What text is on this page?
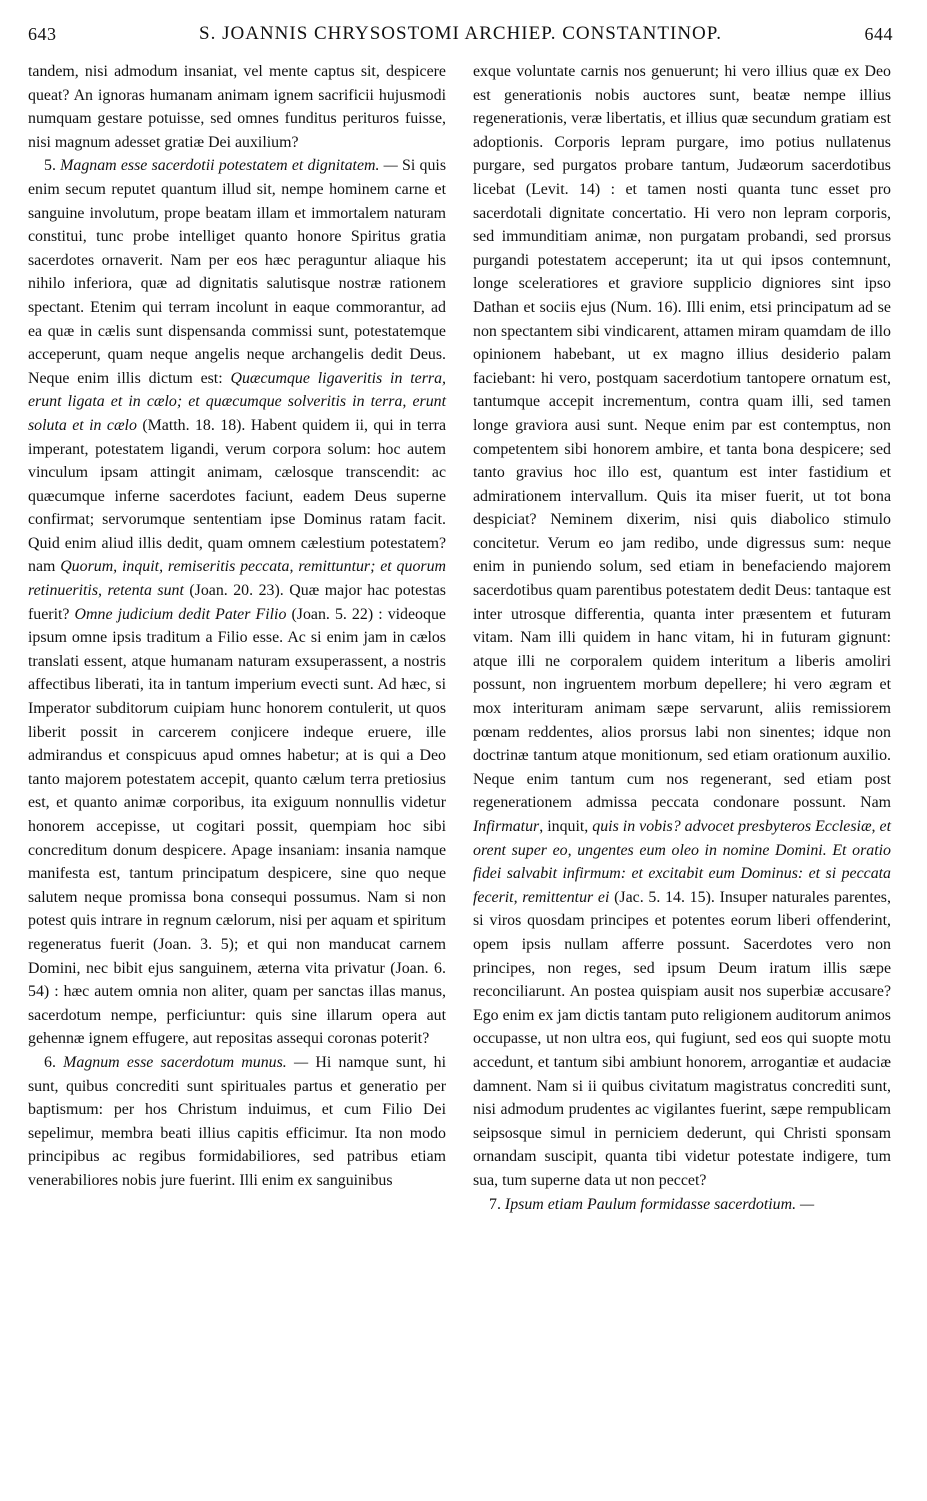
643	S. JOANNIS CHRYSOSTOMI ARCHIEP. CONSTANTINOP.	644

tandem, nisi admodum insaniat, vel mente captus sit, despicere queat? An ignoras humanam animam ignem sacrificii hujusmodi numquam gestare potuisse, sed omnes funditus perituros fuisse, nisi magnum adesset gratiæ Dei auxilium?

5. Magnam esse sacerdotii potestatem et dignitatem. — Si quis enim secum reputet quantum illud sit, nempe hominem carne et sanguine involutum, prope beatam illam et immortalem naturam constitui, tunc probe intelliget quanto honore Spiritus gratia sacerdotes ornaverit. Nam per eos hæc peraguntur aliaque his nihilo inferiora, quæ ad dignitatis salutisque nostræ rationem spectant. Etenim qui terram incolunt in eaque commorantur, ad ea quæ in cælis sunt dispensanda commissi sunt, potestatemque acceperunt, quam neque angelis neque archangelis dedit Deus. Neque enim illis dictum est: Quæcumque ligaveritis in terra, erunt ligata et in cælo; et quæcumque solveritis in terra, erunt soluta et in cælo (Matth. 18. 18). Habent quidem ii, qui in terra imperant, potestatem ligandi, verum corpora solum: hoc autem vinculum ipsam attingit animam, cælosque transcendit: ac quæcumque inferne sacerdotes faciunt, eadem Deus superne confirmat; servorumque sententiam ipse Dominus ratam facit. Quid enim aliud illis dedit, quam omnem cælestium potestatem? nam Quorum, inquit, remiseritis peccata, remittuntur; et quorum retinueritis, retenta sunt (Joan. 20. 23). Quæ major hac potestas fuerit? Omne judicium dedit Pater Filio (Joan. 5. 22) : videoque ipsum omne ipsis traditum a Filio esse. Ac si enim jam in cælos translati essent, atque humanam naturam exsuperassent, a nostris affectibus liberati, ita in tantum imperium evecti sunt. Ad hæc, si Imperator subditorum cuipiam hunc honorem contulerit, ut quos liberit possit in carcerem conjicere indeque eruere, ille admirandus et conspicuus apud omnes habetur; at is qui a Deo tanto majorem potestatem accepit, quanto cælum terra pretiosius est, et quanto animæ corporibus, ita exiguum nonnullis videtur honorem accepisse, ut cogitari possit, quempiam hoc sibi concreditum donum despicere. Apage insaniam: insania namque manifesta est, tantum principatum despicere, sine quo neque salutem neque promissa bona consequi possumus. Nam si non potest quis intrare in regnum cælorum, nisi per aquam et spiritum regeneratus fuerit (Joan. 3. 5); et qui non manducat carnem Domini, nec bibit ejus sanguinem, æterna vita privatur (Joan. 6. 54) : hæc autem omnia non aliter, quam per sanctas illas manus, sacerdotum nempe, perficiuntur: quis sine illarum opera aut gehennæ ignem effugere, aut repositas assequi coronas poterit?

6. Magnum esse sacerdotum munus. — Hi namque sunt, hi sunt, quibus concrediti sunt spirituales partus et generatio per baptismum: per hos Christum induimus, et cum Filio Dei sepelimur, membra beati illius capitis efficimur. Ita non modo principibus ac regibus formidabiliores, sed patribus etiam venerabiliores nobis jure fuerint. Illi enim ex sanguinibus

exque voluntate carnis nos genuerunt; hi vero illius quæ ex Deo est generationis nobis auctores sunt, beatæ nempe illius regenerationis, veræ libertatis, et illius quæ secundum gratiam est adoptionis. Corporis lepram purgare, imo potius nullatenus purgare, sed purgatos probare tantum, Judæorum sacerdotibus licebat (Levit. 14) : et tamen nosti quanta tunc esset pro sacerdotali dignitate concertatio. Hi vero non lepram corporis, sed immunditiam animæ, non purgatam probandi, sed prorsus purgandi potestatem acceperunt; ita ut qui ipsos contemnunt, longe sceleratiores et graviore supplicio digniores sint ipso Dathan et sociis ejus (Num. 16). Illi enim, etsi principatum ad se non spectantem sibi vindicarent, attamen miram quamdam de illo opinionem habebant, ut ex magno illius desiderio palam faciebant: hi vero, postquam sacerdotium tantopere ornatum est, tantumque accepit incrementum, contra quam illi, sed tamen longe graviora ausi sunt. Neque enim par est contemptus, non competentem sibi honorem ambire, et tanta bona despicere; sed tanto gravius hoc illo est, quantum est inter fastidium et admirationem intervallum. Quis ita miser fuerit, ut tot bona despiciat? Neminem dixerim, nisi quis diabolico stimulo concitetur. Verum eo jam redibo, unde digressus sum: neque enim in puniendo solum, sed etiam in benefaciendo majorem sacerdotibus quam parentibus potestatem dedit Deus: tantaque est inter utrosque differentia, quanta inter præsentem et futuram vitam. Nam illi quidem in hanc vitam, hi in futuram gignunt: atque illi ne corporalem quidem interitum a liberis amoliri possunt, non ingruentem morbum depellere; hi vero ægram et mox interituram animam sæpe servarunt, aliis remissiorem pœnam reddentes, alios prorsus labi non sinentes; idque non doctrinæ tantum atque monitionum, sed etiam orationum auxilio. Neque enim tantum cum nos regenerant, sed etiam post regenerationem admissa peccata condonare possunt. Nam Infirmatur, inquit, quis in vobis? advocet presbyteros Ecclesiæ, et orent super eo, ungentes eum oleo in nomine Domini. Et oratio fidei salvabit infirmum: et excitabit eum Dominus: et si peccata fecerit, remittentur ei (Jac. 5. 14. 15). Insuper naturales parentes, si viros quosdam principes et potentes eorum liberi offenderint, opem ipsis nullam afferre possunt. Sacerdotes vero non principes, non reges, sed ipsum Deum iratum illis sæpe reconciliarunt. An postea quispiam ausit nos superbiæ accusare? Ego enim ex jam dictis tantam puto religionem auditorum animos occupasse, ut non ultra eos, qui fugiunt, sed eos qui suopte motu accedunt, et tantum sibi ambiunt honorem, arrogantiæ et audaciæ damnent. Nam si ii quibus civitatum magistratus concrediti sunt, nisi admodum prudentes ac vigilantes fuerint, sæpe rempublicam seipsosque simul in perniciem dederunt, qui Christi sponsam ornandam suscipit, quanta tibi videtur potestate indigere, tum sua, tum superne data ut non peccet?

7. Ipsum etiam Paulum formidasse sacerdotium. —
